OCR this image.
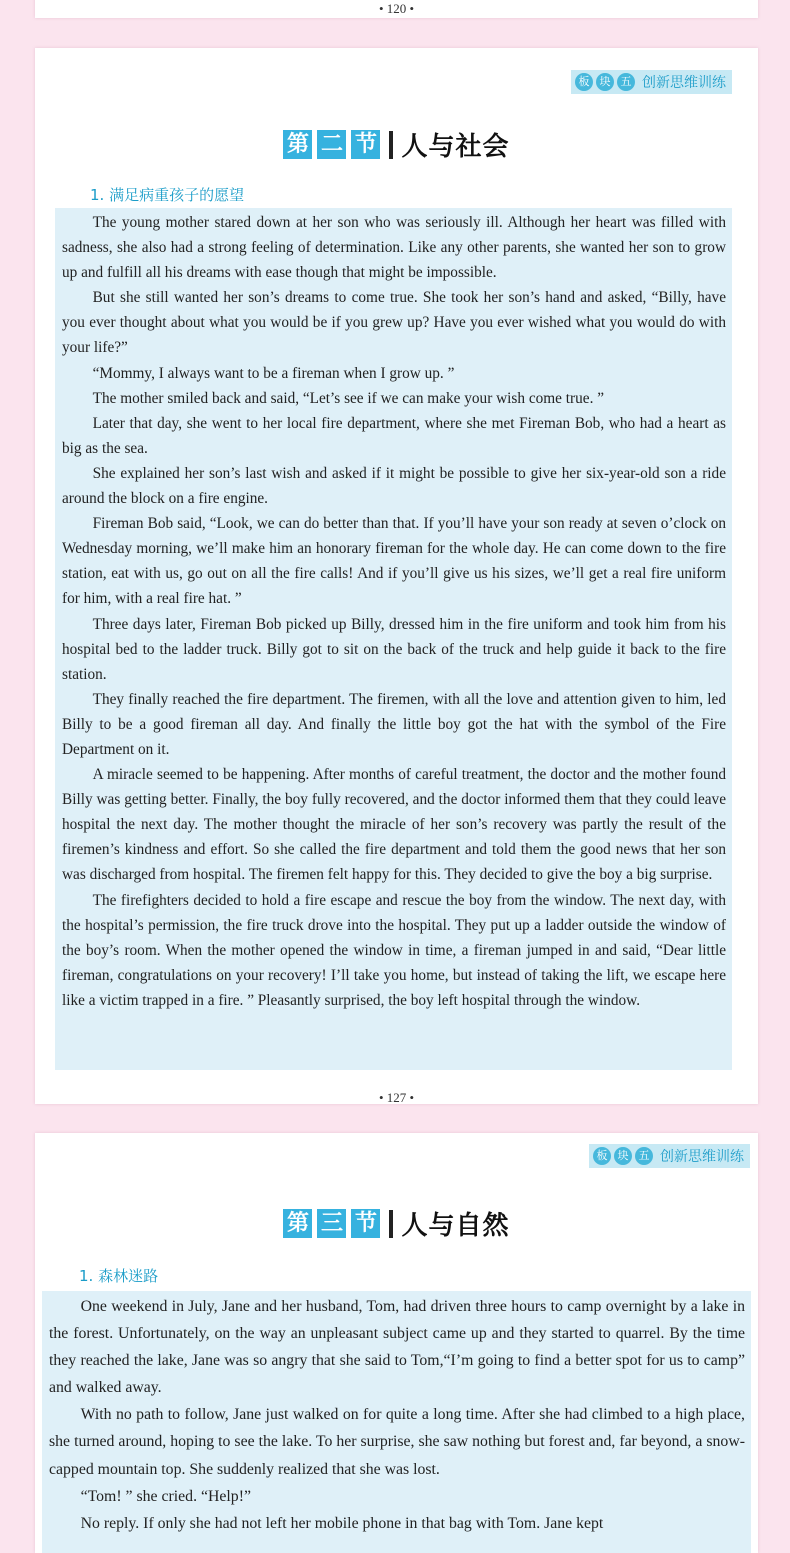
• 120 •
板 块 五 创新思维训练
第 二 节 人与社会
1. 满足病重孩子的愿望

The young mother stared down at her son who was seriously ill. Although her heart was filled with sadness, she also had a strong feeling of determination. Like any other parents, she wanted her son to grow up and fulfill all his dreams with ease though that might be impossible.

But she still wanted her son’s dreams to come true. She took her son’s hand and asked, “Billy, have you ever thought about what you would be if you grew up? Have you ever wished what you would do with your life?”

“Mommy, I always want to be a fireman when I grow up. ”

The mother smiled back and said, “Let’s see if we can make your wish come true. ”

Later that day, she went to her local fire department, where she met Fireman Bob, who had a heart as big as the sea.

She explained her son’s last wish and asked if it might be possible to give her six-year-old son a ride around the block on a fire engine.

Fireman Bob said, “Look, we can do better than that. If you’ll have your son ready at seven o’clock on Wednesday morning, we’ll make him an honorary fireman for the whole day. He can come down to the fire station, eat with us, go out on all the fire calls! And if you’ll give us his sizes, we’ll get a real fire uniform for him, with a real fire hat. ”

Three days later, Fireman Bob picked up Billy, dressed him in the fire uniform and took him from his hospital bed to the ladder truck. Billy got to sit on the back of the truck and help guide it back to the fire station.

They finally reached the fire department. The firemen, with all the love and attention given to him, led Billy to be a good fireman all day. And finally the little boy got the hat with the symbol of the Fire Department on it.

A miracle seemed to be happening. After months of careful treatment, the doctor and the mother found Billy was getting better. Finally, the boy fully recovered, and the doctor informed them that they could leave hospital the next day. The mother thought the miracle of her son’s recovery was partly the result of the firemen’s kindness and effort. So she called the fire department and told them the good news that her son was discharged from hospital. The firemen felt happy for this. They decided to give the boy a big surprise.

The firefighters decided to hold a fire escape and rescue the boy from the window. The next day, with the hospital’s permission, the fire truck drove into the hospital. They put up a ladder outside the window of the boy’s room. When the mother opened the window in time, a fireman jumped in and said, “Dear little fireman, congratulations on your recovery! I’ll take you home, but instead of taking the lift, we escape here like a victim trapped in a fire. ” Pleasantly surprised, the boy left hospital through the window.

• 127 •
板 块 五 创新思维训练
第 三 节 人与自然
1. 森林迷路

One weekend in July, Jane and her husband, Tom, had driven three hours to camp overnight by a lake in the forest. Unfortunately, on the way an unpleasant subject came up and they started to quarrel. By the time they reached the lake, Jane was so angry that she said to Tom,“I’m going to find a better spot for us to camp” and walked away.

With no path to follow, Jane just walked on for quite a long time. After she had climbed to a high place, she turned around, hoping to see the lake. To her surprise, she saw nothing but forest and, far beyond, a snow-capped mountain top. She suddenly realized that she was lost.

“Tom! ” she cried. “Help!”

No reply. If only she had not left her mobile phone in that bag with Tom. Jane kept
